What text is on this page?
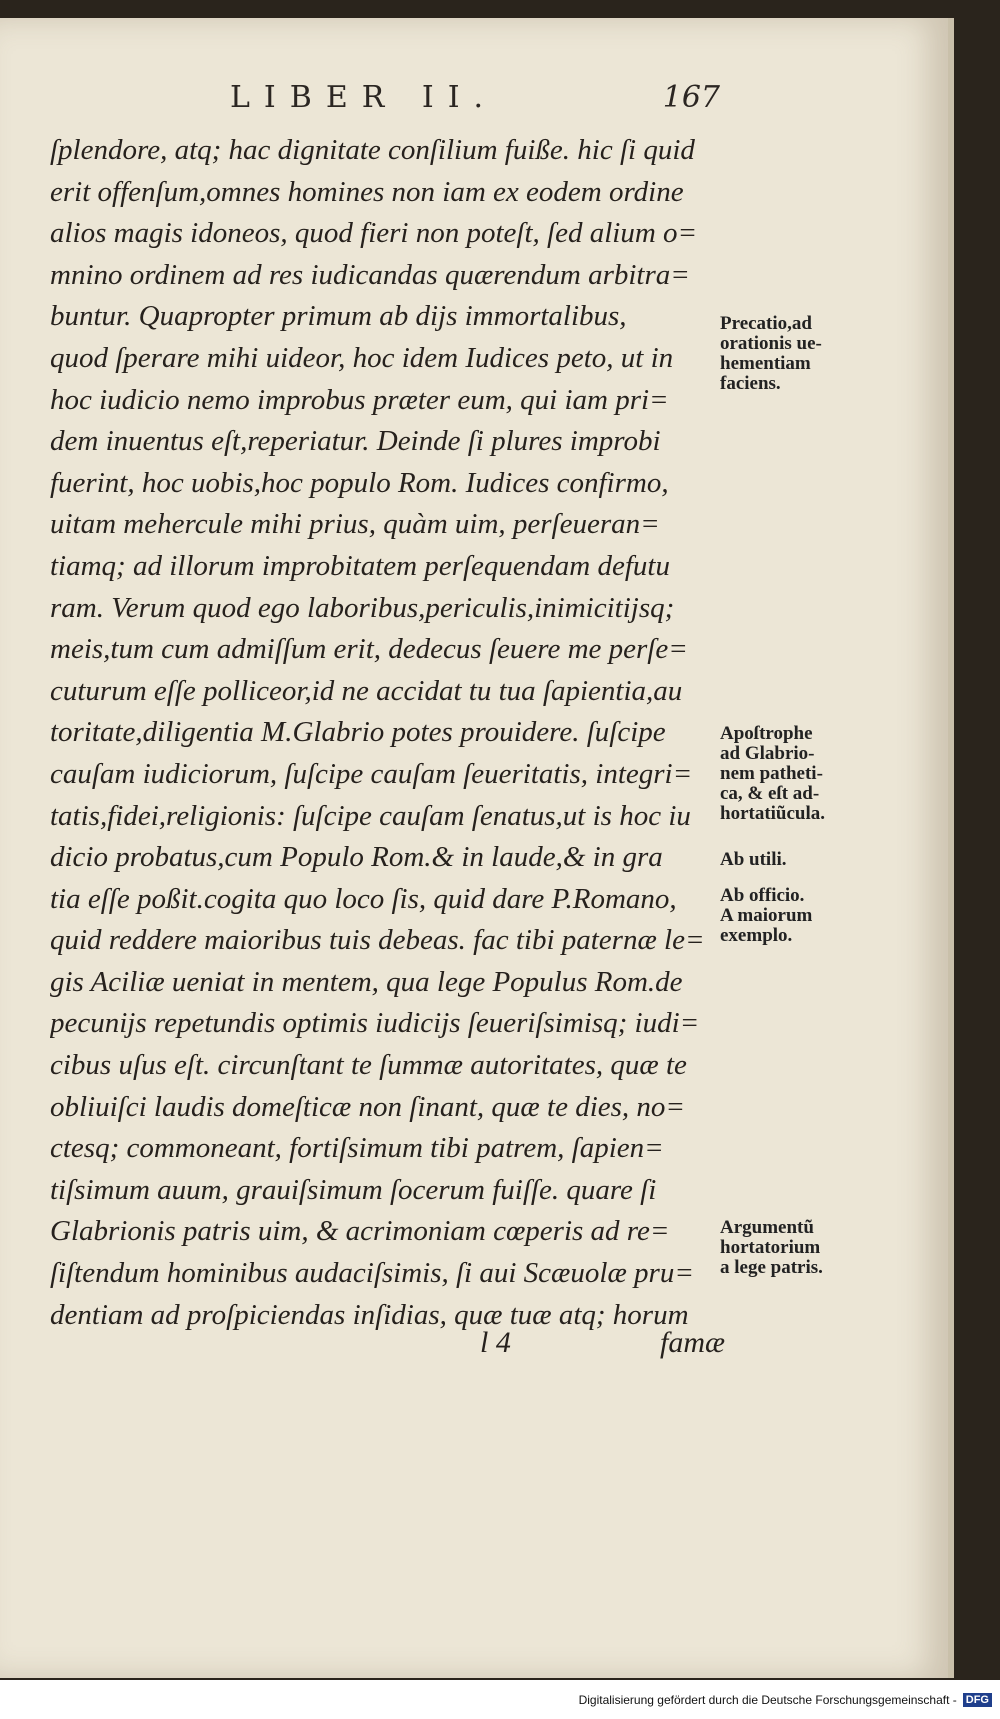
LIBER II.	167
ſplendore, atq; hac dignitate conſilium fuiße. hic ſi quid
erit offenſum,omnes homines non iam ex eodem ordine
alios magis idoneos, quod fieri non poteſt, ſed alium o=
mnino ordinem ad res iudicandas quærendum arbitra=
buntur. Quapropter primum ab dijs immortalibus,
quod ſperare mihi uideor, hoc idem Iudices peto, ut in
hoc iudicio nemo improbus præter eum, qui iam pri=
dem inuentus eſt,reperiatur. Deinde ſi plures improbi
fuerint, hoc uobis,hoc populo Rom. Iudices confirmo,
uitam mehercule mihi prius, quàm uim, perſeueran=
tiamq; ad illorum improbitatem perſequendam defutu
ram. Verum quod ego laboribus,periculis,inimicitijsq;
meis,tum cum admiſſum erit, dedecus ſeuere me perſe=
cuturum eſſe polliceor,id ne accidat tu tua ſapientia,au
toritate,diligentia M.Glabrio potes prouidere. ſuſcipe
cauſam iudiciorum, ſuſcipe cauſam ſeueritatis, integri=
tatis,fidei,religionis: ſuſcipe cauſam ſenatus,ut is hoc iu
dicio probatus,cum Populo Rom.& in laude,& in gra
tia eſſe poßit.cogita quo loco ſis, quid dare P.Romano,
quid reddere maioribus tuis debeas. fac tibi paternæ le=
gis Aciliæ ueniat in mentem, qua lege Populus Rom.de
pecunijs repetundis optimis iudicijs ſeueriſsimisq; iudi=
cibus uſus eſt. circunſtant te ſummæ autoritates, quæ te
obliuiſci laudis domeſticæ non ſinant, quæ te dies, no=
ctesq; commoneant, fortiſsimum tibi patrem, ſapien=
tiſsimum auum, grauiſsimum ſocerum fuiſſe. quare ſi
Glabrionis patris uim, & acrimoniam cœperis ad re=
ſiſtendum hominibus audaciſsimis, ſi aui Scæuolæ pru=
dentiam ad proſpiciendas inſidias, quæ tuæ atq; horum
Precatio,ad
orationis ue-
hementiam
faciens.
Apoſtrophe
ad Glabrio-
nem patheti-
ca, & eſt ad-
hortatiũcula.
Ab utili.
Ab officio.
A maiorum
exemplo.
Argumentũ
hortatorium
a lege patris.
l 4	famæ
Digitalisierung gefördert durch die Deutsche Forschungsgemeinschaft - DFG
